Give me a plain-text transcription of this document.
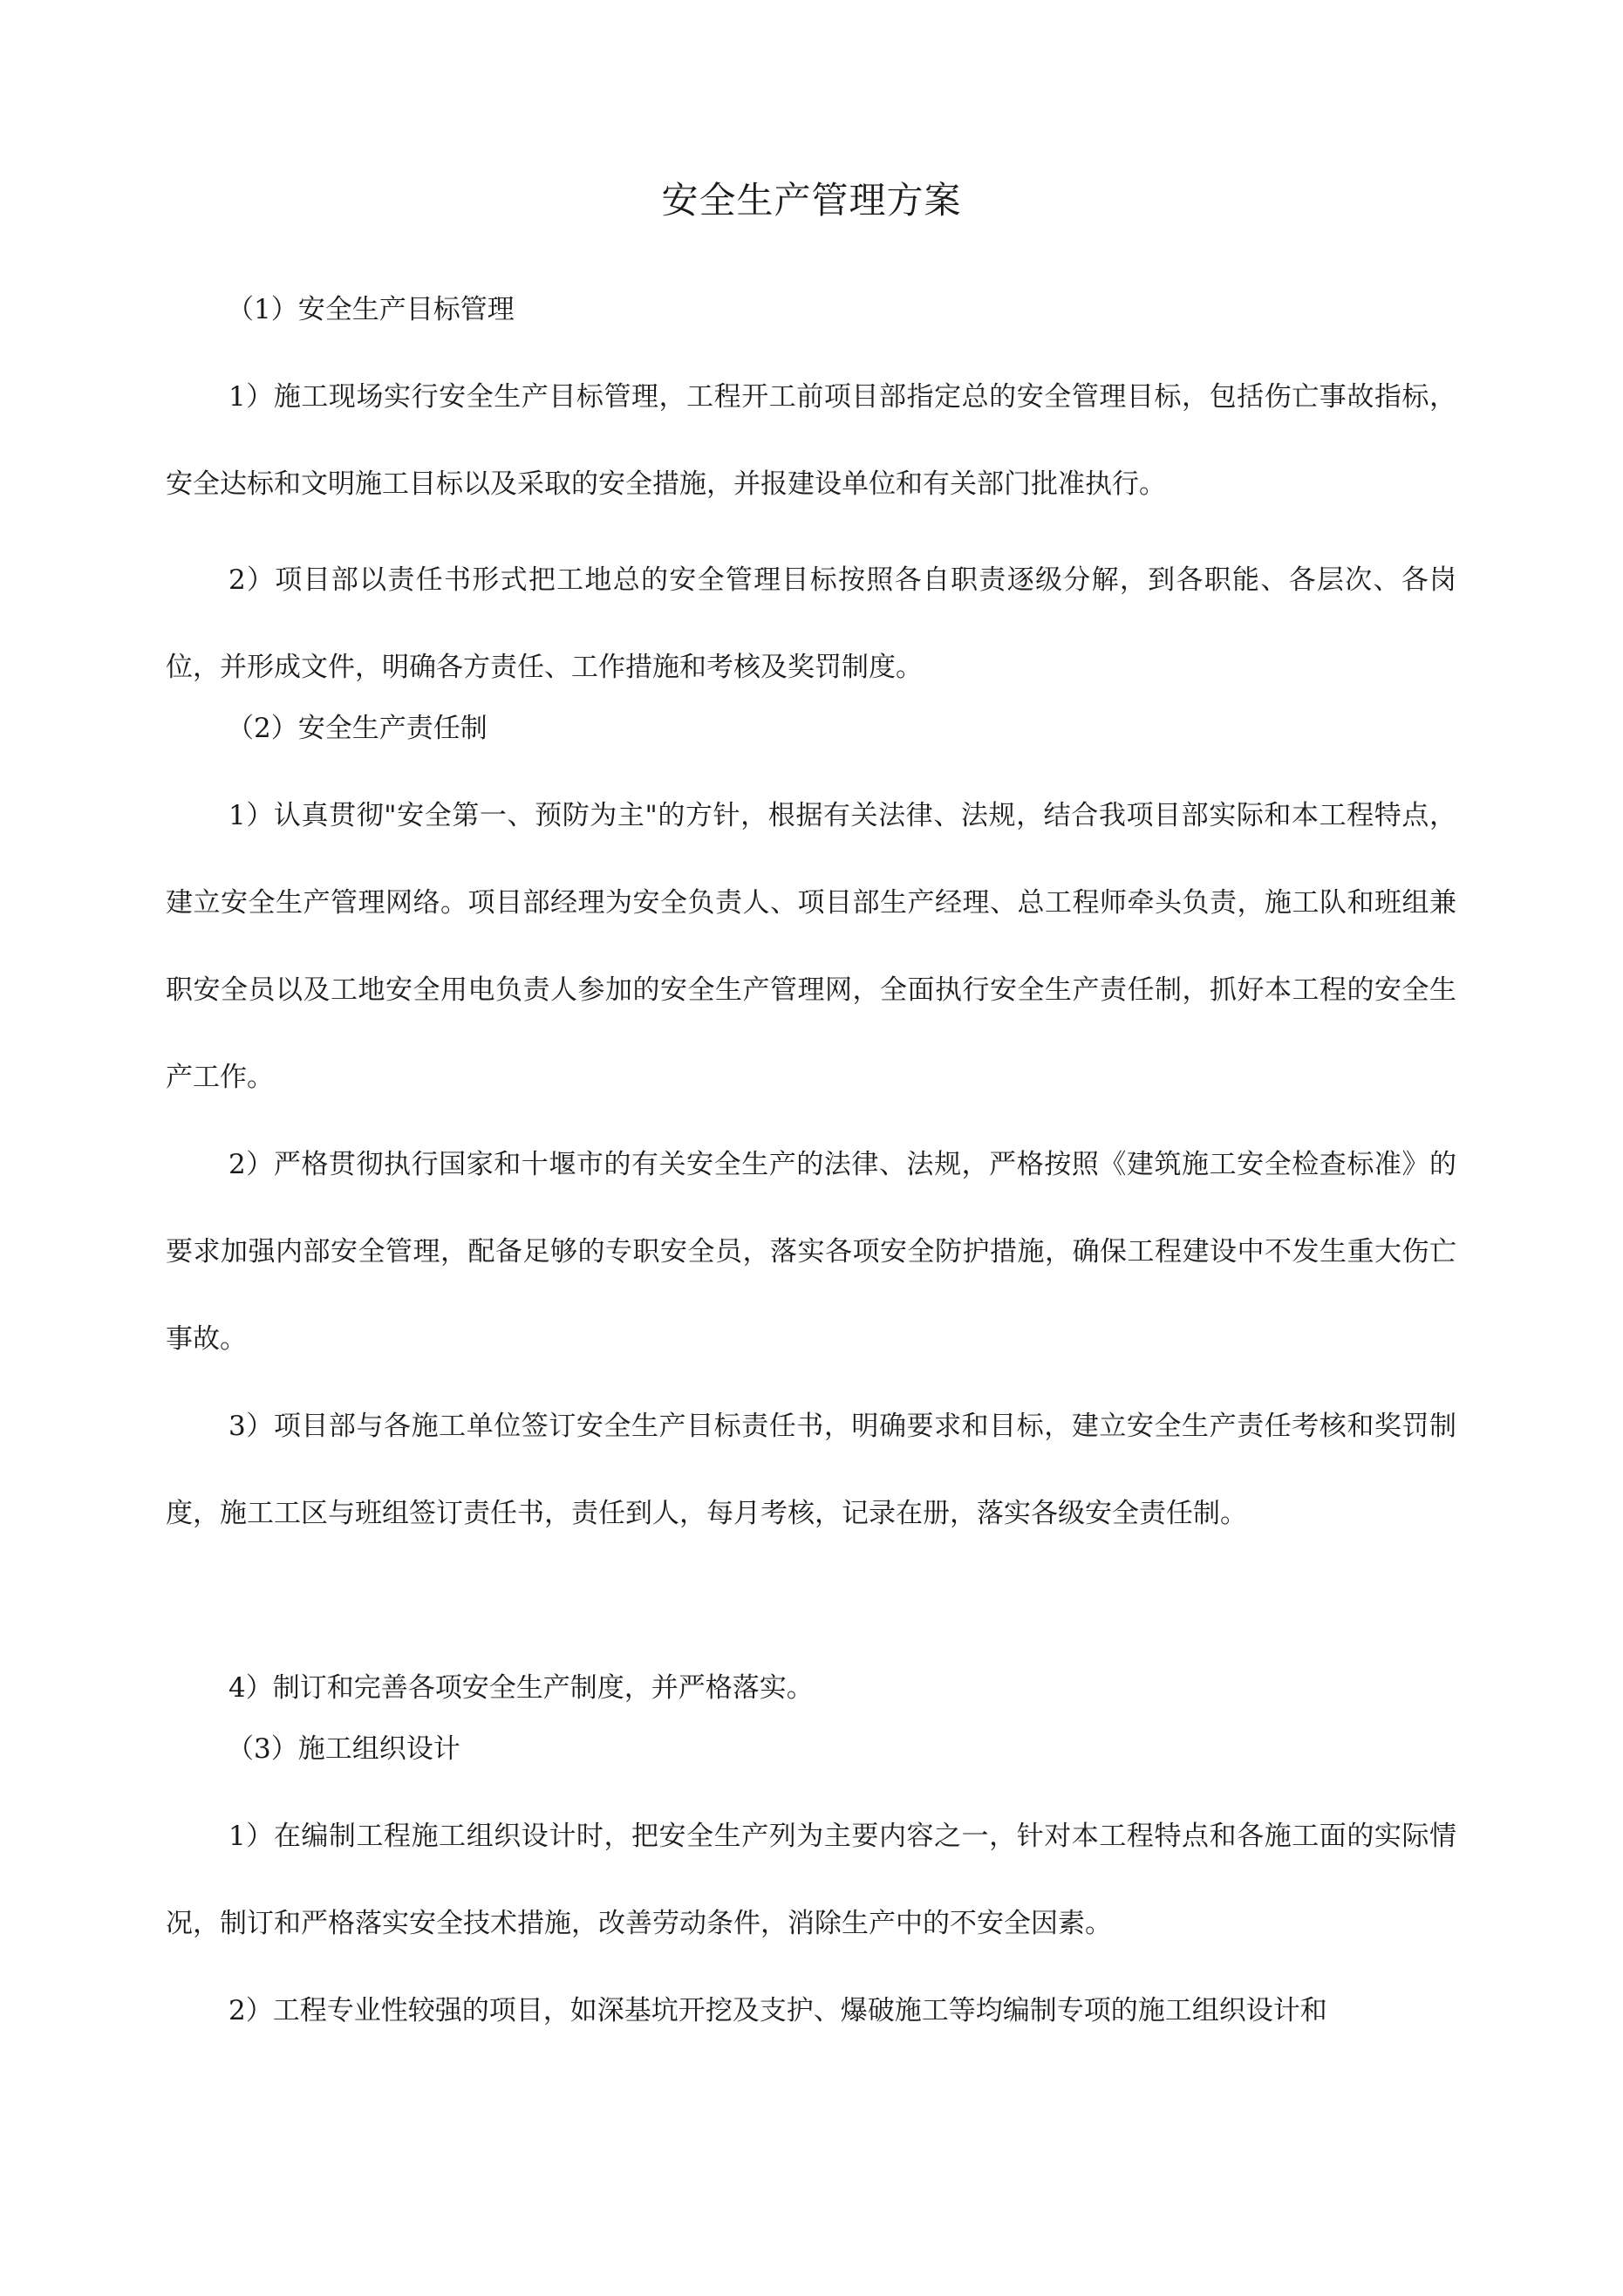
安全生产管理方案
（1）安全生产目标管理
1）施工现场实行安全生产目标管理，工程开工前项目部指定总的安全管理目标，包括伤亡事故指标，安全达标和文明施工目标以及采取的安全措施，并报建设单位和有关部门批准执行。
2）项目部以责任书形式把工地总的安全管理目标按照各自职责逐级分解，到各职能、各层次、各岗位，并形成文件，明确各方责任、工作措施和考核及奖罚制度。
（2）安全生产责任制
1）认真贯彻"安全第一、预防为主"的方针，根据有关法律、法规，结合我项目部实际和本工程特点，建立安全生产管理网络。项目部经理为安全负责人、项目部生产经理、总工程师牵头负责，施工队和班组兼职安全员以及工地安全用电负责人参加的安全生产管理网，全面执行安全生产责任制，抓好本工程的安全生产工作。
2）严格贯彻执行国家和十堰市的有关安全生产的法律、法规，严格按照《建筑施工安全检查标准》的要求加强内部安全管理，配备足够的专职安全员，落实各项安全防护措施，确保工程建设中不发生重大伤亡事故。
3）项目部与各施工单位签订安全生产目标责任书，明确要求和目标，建立安全生产责任考核和奖罚制度，施工工区与班组签订责任书，责任到人，每月考核，记录在册，落实各级安全责任制。
4）制订和完善各项安全生产制度，并严格落实。
（3）施工组织设计
1）在编制工程施工组织设计时，把安全生产列为主要内容之一，针对本工程特点和各施工面的实际情况，制订和严格落实安全技术措施，改善劳动条件，消除生产中的不安全因素。
2）工程专业性较强的项目，如深基坑开挖及支护、爆破施工等均编制专项的施工组织设计和
